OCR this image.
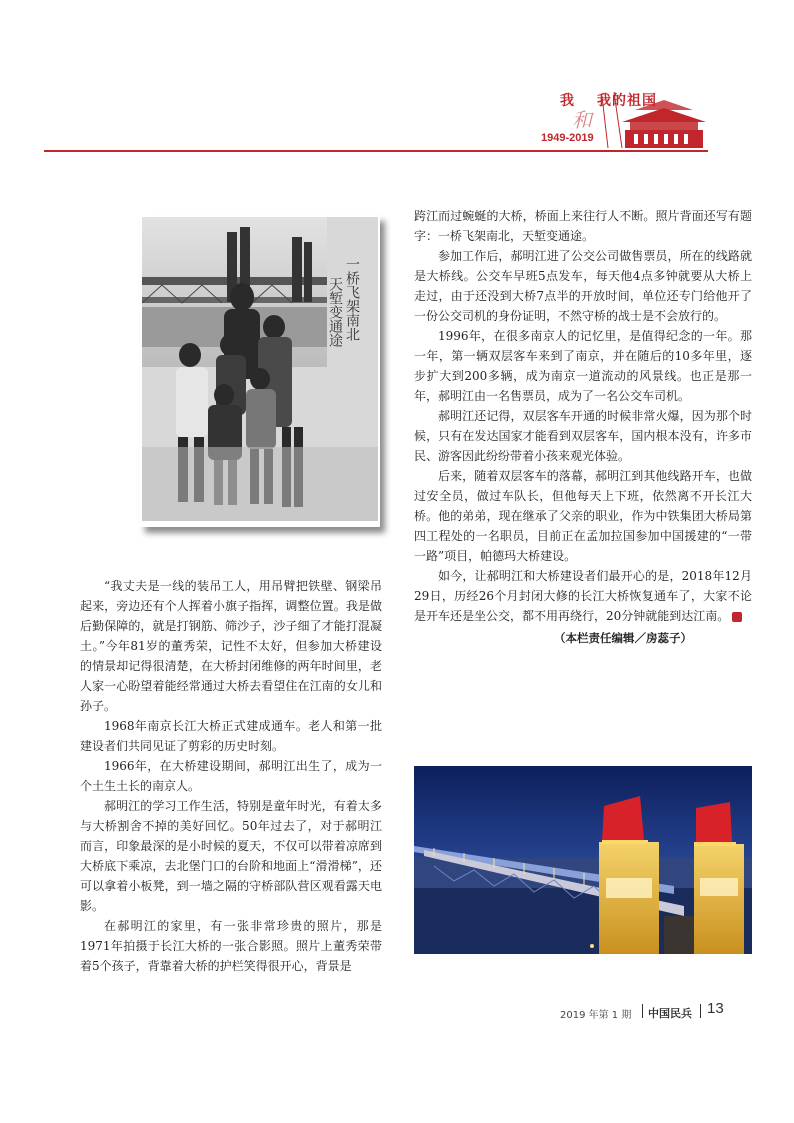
我 我的祖国
和
1949-2019
一桥飞架南北
天堑变通途

“我丈夫是一线的装吊工人，用吊臂把铁壁、钢梁吊起来，旁边还有个人挥着小旗子指挥，调整位置。我是做后勤保障的，就是打钢筋、筛沙子，沙子细了才能打混凝土。”今年81岁的董秀荣，记性不太好，但参加大桥建设的情景却记得很清楚，在大桥封闭维修的两年时间里，老人家一心盼望着能经常通过大桥去看望住在江南的女儿和孙子。

1968年南京长江大桥正式建成通车。老人和第一批建设者们共同见证了剪彩的历史时刻。

1966年，在大桥建设期间，郝明江出生了，成为一个土生土长的南京人。

郝明江的学习工作生活，特别是童年时光，有着太多与大桥割舍不掉的美好回忆。50年过去了，对于郝明江而言，印象最深的是小时候的夏天，不仅可以带着凉席到大桥底下乘凉，去北堡门口的台阶和地面上“滑滑梯”，还可以拿着小板凳，到一墙之隔的守桥部队营区观看露天电影。

在郝明江的家里，有一张非常珍贵的照片，那是1971年拍摄于长江大桥的一张合影照。照片上董秀荣带着5个孩子，背靠着大桥的护栏笑得很开心，背景是

跨江而过蜿蜒的大桥，桥面上来往行人不断。照片背面还写有题字：一桥飞架南北，天堑变通途。

参加工作后，郝明江进了公交公司做售票员，所在的线路就是大桥线。公交车早班5点发车，每天他4点多钟就要从大桥上走过，由于还没到大桥7点半的开放时间，单位还专门给他开了一份公交司机的身份证明，不然守桥的战士是不会放行的。

1996年，在很多南京人的记忆里，是值得纪念的一年。那一年，第一辆双层客车来到了南京，并在随后的10多年里，逐步扩大到200多辆，成为南京一道流动的风景线。也正是那一年，郝明江由一名售票员，成为了一名公交车司机。

郝明江还记得，双层客车开通的时候非常火爆，因为那个时候，只有在发达国家才能看到双层客车，国内根本没有，许多市民、游客因此纷纷带着小孩来观光体验。

后来，随着双层客车的落幕，郝明江到其他线路开车，也做过安全员，做过车队长，但他每天上下班，依然离不开长江大桥。他的弟弟，现在继承了父亲的职业，作为中铁集团大桥局第四工程处的一名职员，目前正在孟加拉国参加中国援建的“一带一路”项目，帕德玛大桥建设。

如今，让郝明江和大桥建设者们最开心的是，2018年12月29日，历经26个月封闭大修的长江大桥恢复通车了，大家不论是开车还是坐公交，都不用再绕行，20分钟就能到达江南。

（本栏责任编辑／房蕊子）
2019 年第 1 期 中国民兵 13
